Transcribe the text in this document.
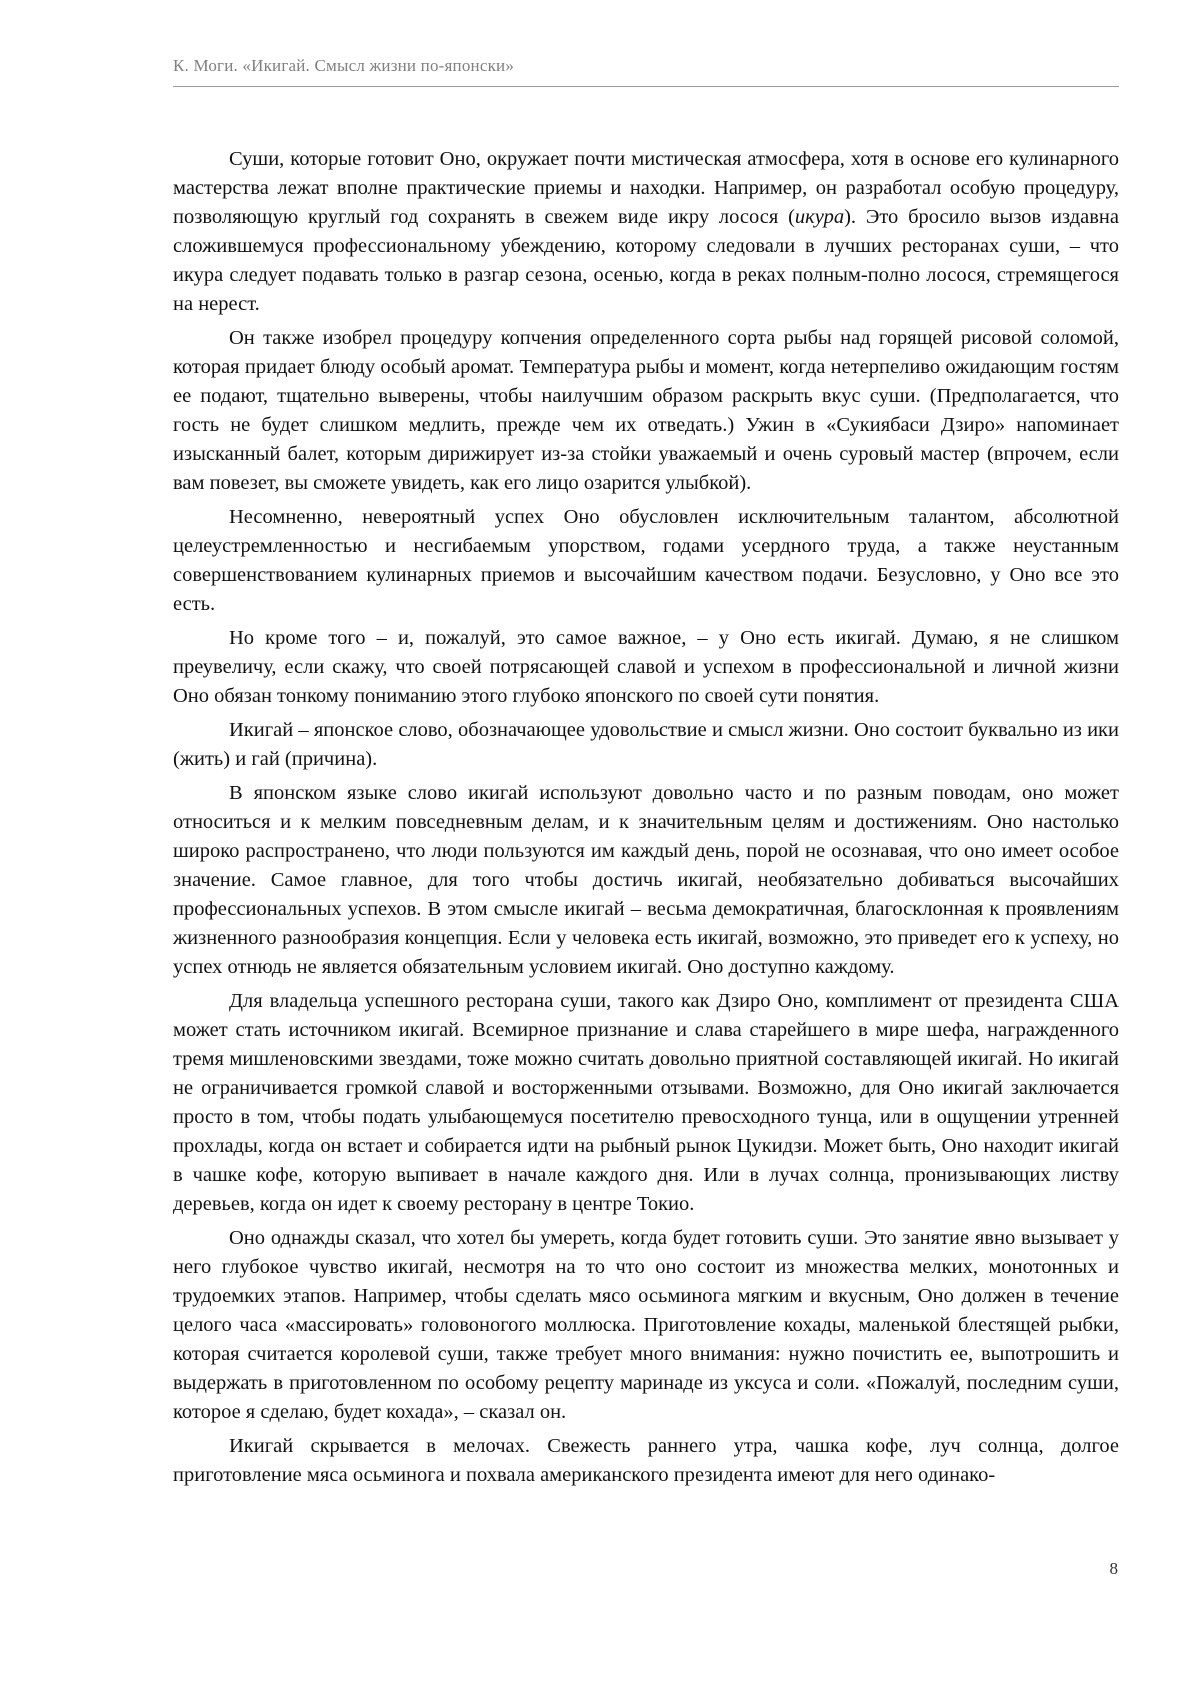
К. Моги. «Икигай. Смысл жизни по-японски»

Суши, которые готовит Оно, окружает почти мистическая атмосфера, хотя в основе его кулинарного мастерства лежат вполне практические приемы и находки. Например, он разработал особую процедуру, позволяющую круглый год сохранять в свежем виде икру лосося (икура). Это бросило вызов издавна сложившемуся профессиональному убеждению, которому следовали в лучших ресторанах суши, – что икура следует подавать только в разгар сезона, осенью, когда в реках полным-полно лосося, стремящегося на нерест.

Он также изобрел процедуру копчения определенного сорта рыбы над горящей рисовой соломой, которая придает блюду особый аромат. Температура рыбы и момент, когда нетерпеливо ожидающим гостям ее подают, тщательно выверены, чтобы наилучшим образом раскрыть вкус суши. (Предполагается, что гость не будет слишком медлить, прежде чем их отведать.) Ужин в «Сукиябаси Дзиро» напоминает изысканный балет, которым дирижирует из-за стойки уважаемый и очень суровый мастер (впрочем, если вам повезет, вы сможете увидеть, как его лицо озарится улыбкой).

Несомненно, невероятный успех Оно обусловлен исключительным талантом, абсолютной целеустремленностью и несгибаемым упорством, годами усердного труда, а также неустанным совершенствованием кулинарных приемов и высочайшим качеством подачи. Безусловно, у Оно все это есть.

Но кроме того – и, пожалуй, это самое важное, – у Оно есть икигай. Думаю, я не слишком преувеличу, если скажу, что своей потрясающей славой и успехом в профессиональной и личной жизни Оно обязан тонкому пониманию этого глубоко японского по своей сути понятия.

Икигай – японское слово, обозначающее удовольствие и смысл жизни. Оно состоит буквально из ики (жить) и гай (причина).

В японском языке слово икигай используют довольно часто и по разным поводам, оно может относиться и к мелким повседневным делам, и к значительным целям и достижениям. Оно настолько широко распространено, что люди пользуются им каждый день, порой не осознавая, что оно имеет особое значение. Самое главное, для того чтобы достичь икигай, необязательно добиваться высочайших профессиональных успехов. В этом смысле икигай – весьма демократичная, благосклонная к проявлениям жизненного разнообразия концепция. Если у человека есть икигай, возможно, это приведет его к успеху, но успех отнюдь не является обязательным условием икигай. Оно доступно каждому.

Для владельца успешного ресторана суши, такого как Дзиро Оно, комплимент от президента США может стать источником икигай. Всемирное признание и слава старейшего в мире шефа, награжденного тремя мишленовскими звездами, тоже можно считать довольно приятной составляющей икигай. Но икигай не ограничивается громкой славой и восторженными отзывами. Возможно, для Оно икигай заключается просто в том, чтобы подать улыбающемуся посетителю превосходного тунца, или в ощущении утренней прохлады, когда он встает и собирается идти на рыбный рынок Цукидзи. Может быть, Оно находит икигай в чашке кофе, которую выпивает в начале каждого дня. Или в лучах солнца, пронизывающих листву деревьев, когда он идет к своему ресторану в центре Токио.

Оно однажды сказал, что хотел бы умереть, когда будет готовить суши. Это занятие явно вызывает у него глубокое чувство икигай, несмотря на то что оно состоит из множества мелких, монотонных и трудоемких этапов. Например, чтобы сделать мясо осьминога мягким и вкусным, Оно должен в течение целого часа «массировать» головоногого моллюска. Приготовление кохады, маленькой блестящей рыбки, которая считается королевой суши, также требует много внимания: нужно почистить ее, выпотрошить и выдержать в приготовленном по особому рецепту маринаде из уксуса и соли. «Пожалуй, последним суши, которое я сделаю, будет кохада», – сказал он.

Икигай скрывается в мелочах. Свежесть раннего утра, чашка кофе, луч солнца, долгое приготовление мяса осьминога и похвала американского президента имеют для него одинако-

8
